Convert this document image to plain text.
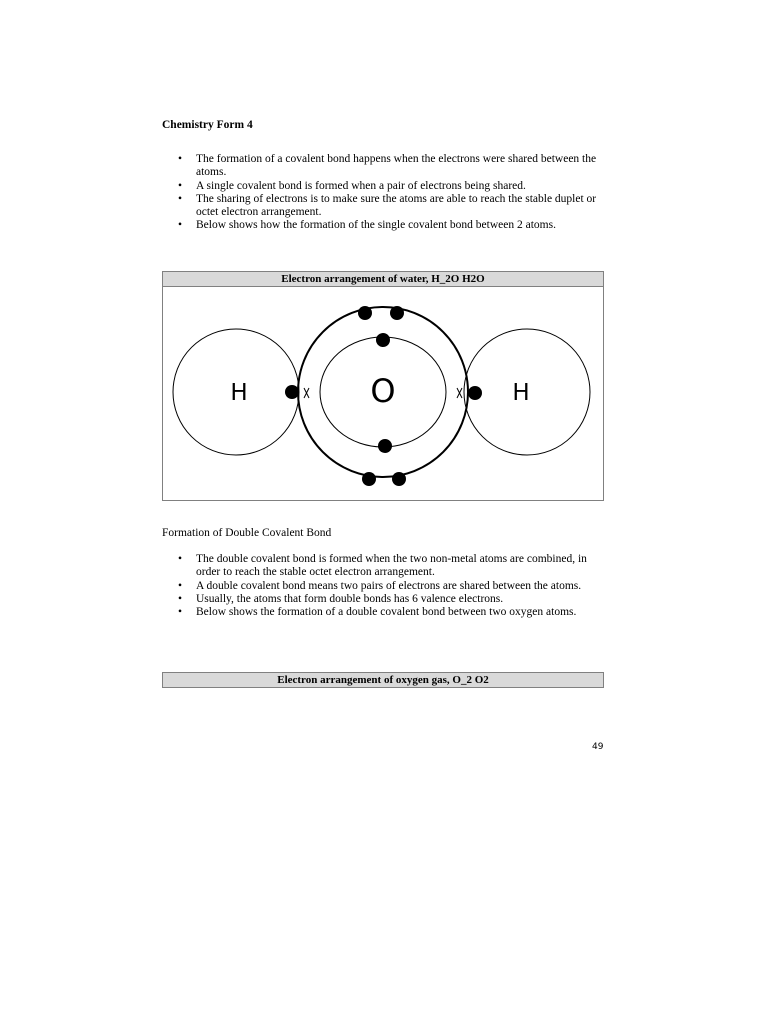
Chemistry Form 4
• The formation of a covalent bond happens when the electrons were shared between the atoms.
• A single covalent bond is formed when a pair of electrons being shared.
• The sharing of electrons is to make sure the atoms are able to reach the stable duplet or octet electron arrangement.
• Below shows how the formation of the single covalent bond between 2 atoms.
Electron arrangement of water, H_2O H2O
H	O	H
Formation of Double Covalent Bond
• The double covalent bond is formed when the two non-metal atoms are combined, in order to reach the stable octet electron arrangement.
• A double covalent bond means two pairs of electrons are shared between the atoms.
• Usually, the atoms that form double bonds has 6 valence electrons.
• Below shows the formation of a double covalent bond between two oxygen atoms.
Electron arrangement of oxygen gas, O_2 O2
49
